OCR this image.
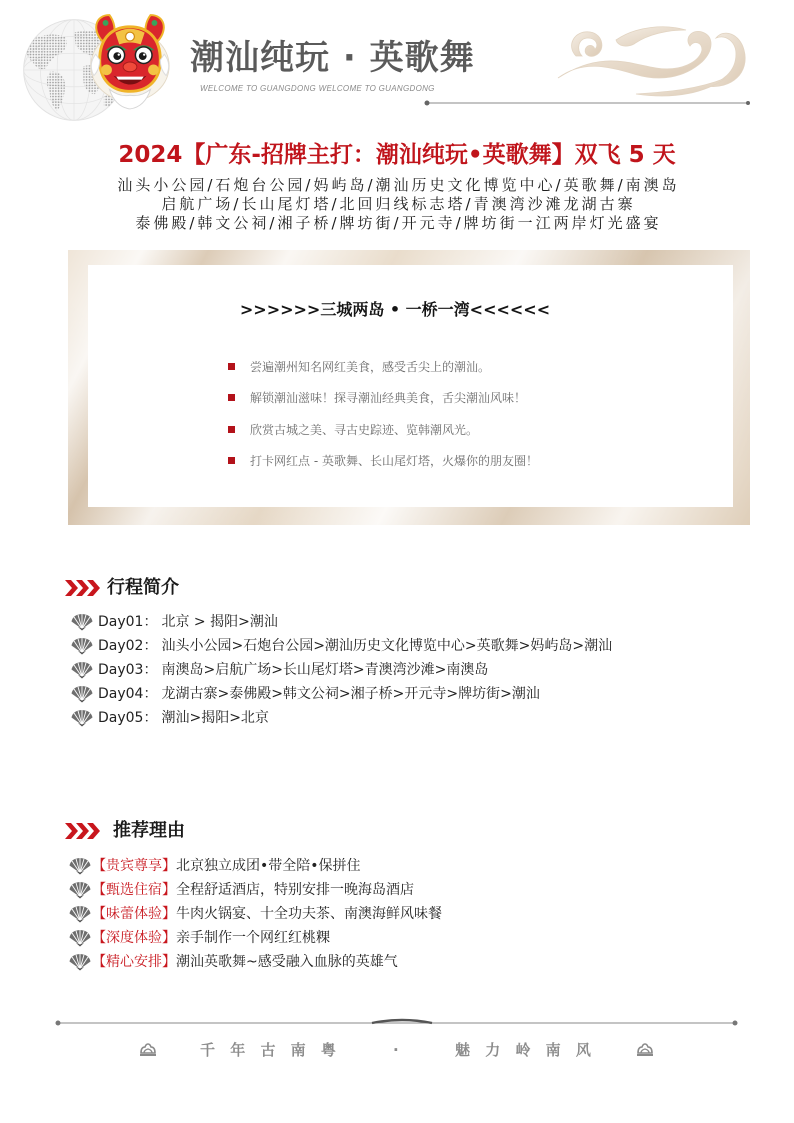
潮汕纯玩 · 英歌舞
WELCOME TO GUANGDONG WELCOME TO GUANGDONG
2024【广东-招牌主打：潮汕纯玩•英歌舞】双飞 5 天
汕头小公园/石炮台公园/妈屿岛/潮汕历史文化博览中心/英歌舞/南澳岛
启航广场/长山尾灯塔/北回归线标志塔/青澳湾沙滩龙湖古寨
泰佛殿/韩文公祠/湘子桥/牌坊街/开元寺/牌坊街一江两岸灯光盛宴
>>>>>>三城两岛 • 一桥一湾<<<<<<
尝遍潮州知名网红美食，感受舌尖上的潮汕。
解锁潮汕滋味！探寻潮汕经典美食，舌尖潮汕风味！
欣赏古城之美、寻古史踪迹、览韩潮风光。
打卡网红点 - 英歌舞、长山尾灯塔，火爆你的朋友圈！
行程简介
Day01： 北京 > 揭阳>潮汕
Day02： 汕头小公园>石炮台公园>潮汕历史文化博览中心>英歌舞>妈屿岛>潮汕
Day03： 南澳岛>启航广场>长山尾灯塔>青澳湾沙滩>南澳岛
Day04： 龙湖古寨>泰佛殿>韩文公祠>湘子桥>开元寺>牌坊街>潮汕
Day05： 潮汕>揭阳>北京
推荐理由
【贵宾尊享】北京独立成团•带全陪•保拼住
【甄选住宿】全程舒适酒店，特别安排一晚海岛酒店
【味蕾体验】牛肉火锅宴、十全功夫茶、南澳海鲜风味餐
【深度体验】亲手制作一个网红红桃粿
【精心安排】潮汕英歌舞~感受融入血脉的英雄气
千 年 古 南 粤	·	魅 力 岭 南 风
